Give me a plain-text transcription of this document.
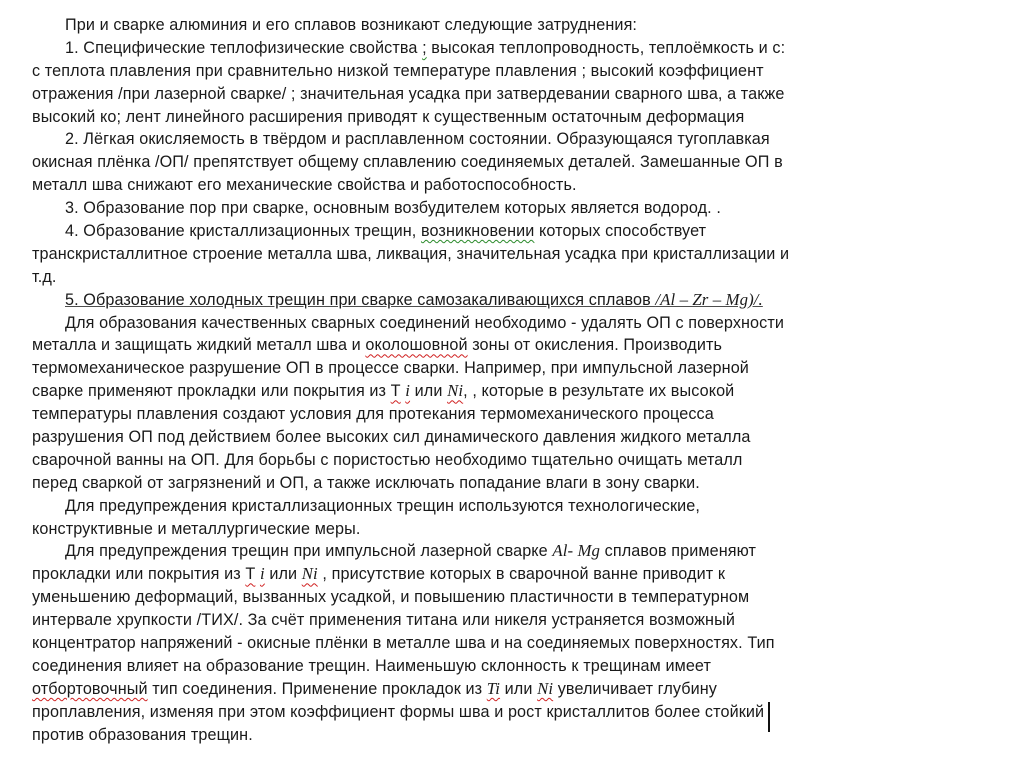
При и сварке алюминия и его сплавов возникают следующие затруднения:
1. Специфические теплофизические свойства ; высокая теплопроводность, теплоёмкость и с:
с теплота плавления при сравнительно низкой температуре плавления ; высокий коэффициент
отражения /при лазерной сварке/ ; значительная усадка при затвердевании сварного шва, а также
высокий ко; лент линейного расширения приводят к существенным остаточным деформация
2. Лёгкая окисляемость в твёрдом и расплавленном состоянии. Образующаяся тугоплавкая
окисная плёнка /ОП/ препятствует общему сплавлению соединяемых деталей. Замешанные ОП в
металл шва снижают его механические свойства и работоспособность.
3. Образование пор при сварке, основным возбудителем которых является водород. .
4. Образование кристаллизационных трещин, возникновении которых способствует
транскристаллитное строение металла шва, ликвация, значительная усадка при кристаллизации и
т.д.
5. Образование холодных трещин при сварке самозакаливающихся сплавов /Al – Zr – Mg)/.
Для образования качественных сварных соединений необходимо - удалять ОП с поверхности
металла и защищать жидкий металл шва и околошовной зоны от окисления. Производить
термомеханическое разрушение ОП в процессе сварки. Например, при импульсной лазерной
сварке применяют прокладки или покрытия из Т i или Ni, , которые в результате их высокой
температуры плавления создают условия для протекания термомеханического процесса
разрушения ОП под действием более высоких сил динамического давления жидкого металла
сварочной ванны на ОП. Для борьбы с пористостью необходимо тщательно очищать металл
перед сваркой от загрязнений и ОП, а также исключать попадание влаги в зону сварки.
Для предупреждения кристаллизационных трещин используются технологические,
конструктивные и металлургические меры.
Для предупреждения трещин при импульсной лазерной сварке Al- Mg сплавов применяют
прокладки или покрытия из Т i или Ni , присутствие которых в сварочной ванне приводит к
уменьшению деформаций, вызванных усадкой, и повышению пластичности в температурном
интервале хрупкости /ТИХ/. За счёт применения титана или никеля устраняется возможный
концентратор напряжений - окисные плёнки в металле шва и на соединяемых поверхностях. Тип
соединения влияет на образование трещин. Наименьшую склонность к трещинам имеет
отбортовочный тип соединения. Применение прокладок из Ti или Ni увеличивает глубину
проплавления, изменяя при этом коэффициент формы шва и рост кристаллитов более стойкий
против образования трещин.
